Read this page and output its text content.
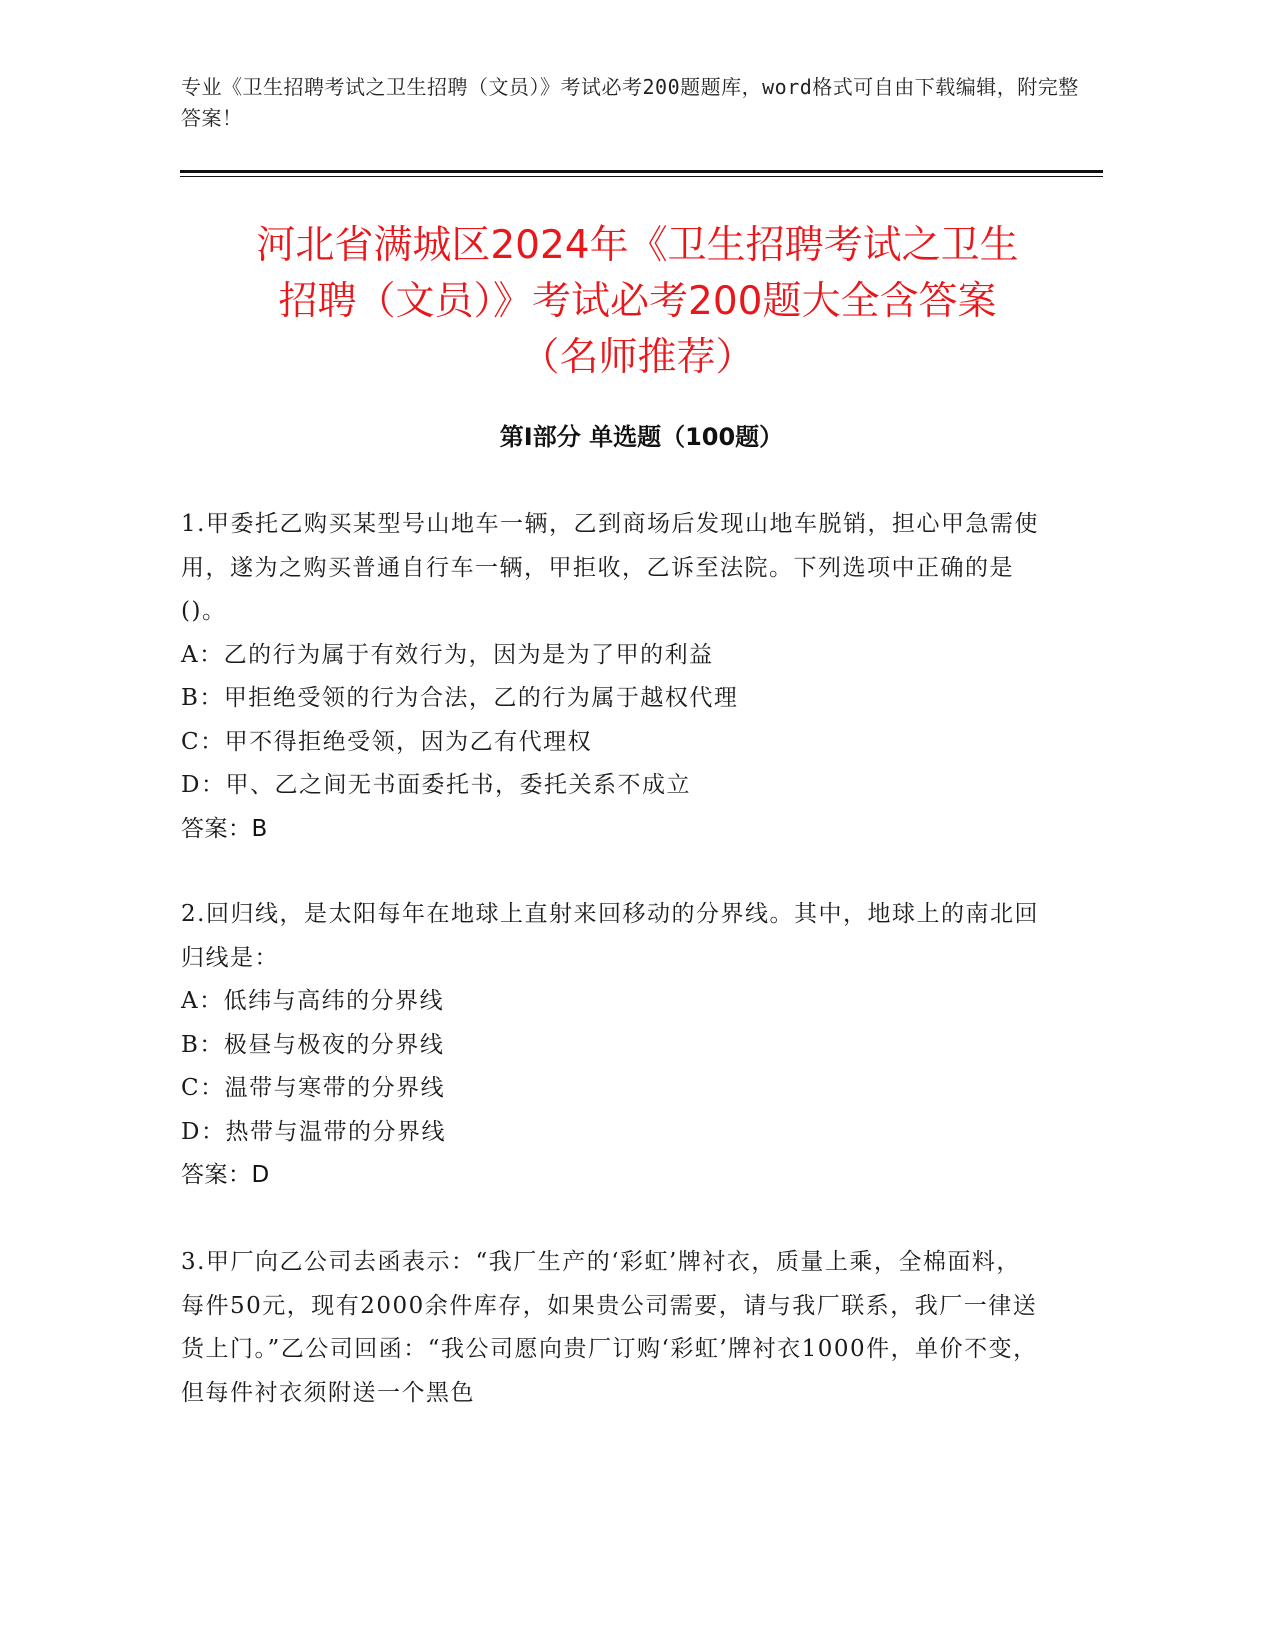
专业《卫生招聘考试之卫生招聘（文员）》考试必考200题题库，word格式可自由下载编辑，附完整答案！
河北省满城区2024年《卫生招聘考试之卫生
招聘（文员）》考试必考200题大全含答案
（名师推荐）
第Ⅰ部分 单选题（100题）
1.甲委托乙购买某型号山地车一辆，乙到商场后发现山地车脱销，担心甲急需使用，遂为之购买普通自行车一辆，甲拒收，乙诉至法院。下列选项中正确的是()。
A：乙的行为属于有效行为，因为是为了甲的利益
B：甲拒绝受领的行为合法，乙的行为属于越权代理
C：甲不得拒绝受领，因为乙有代理权
D：甲、乙之间无书面委托书，委托关系不成立
答案：B
2.回归线，是太阳每年在地球上直射来回移动的分界线。其中，地球上的南北回归线是：
A：低纬与高纬的分界线
B：极昼与极夜的分界线
C：温带与寒带的分界线
D：热带与温带的分界线
答案：D
3.甲厂向乙公司去函表示：“我厂生产的‘彩虹’牌衬衣，质量上乘，全棉面料，每件50元，现有2000余件库存，如果贵公司需要，请与我厂联系，我厂一律送货上门。”乙公司回函：“我公司愿向贵厂订购‘彩虹’牌衬衣1000件，单价不变，但每件衬衣须附送一个黑色
